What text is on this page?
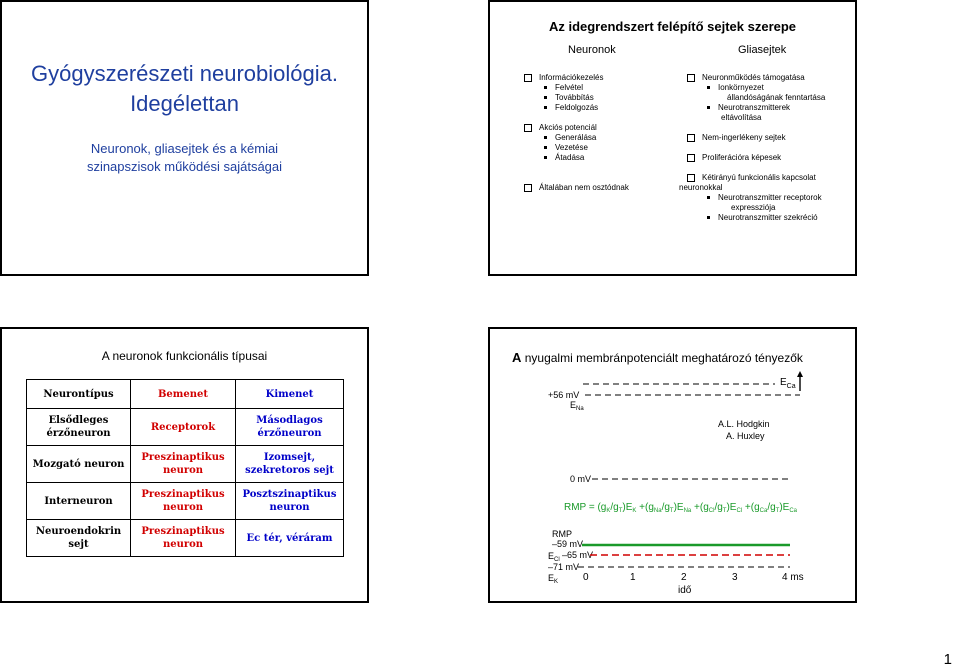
Gyógyszerészeti neurobiológia.
Idegélettan
Neuronok, gliasejtek és a kémiai
szinapszisok működési sajátságai
Az idegrendszert felépítő sejtek szerepe
Neuronok	Gliasejtek
Információkezelés
Felvétel
Továbbítás
Feldolgozás
Akciós potenciál
Generálása
Vezetése
Átadása
Általában nem osztódnak
Neuronműködés támogatása
Ionkörnyezet
állandóságának fenntartása
Neurotranszmitterek
eltávolítása
Nem-ingerlékeny sejtek
Proliferációra képesek
Kétirányú funkcionális kapcsolat
neuronokkal
Neurotranszmitter receptorok
expressziója
Neurotranszmitter szekréció
A neuronok funkcionális típusai
Neurontípus	Bemenet	Kimenet
Elsődleges érzőneuron	Receptorok	Másodlagos érzőneuron
Mozgató neuron	Preszinaptikus neuron	Izomsejt, szekretoros sejt
Interneuron	Preszinaptikus neuron	Posztszinaptikus neuron
Neuroendokrin sejt	Preszinaptikus neuron	Ec tér, véráram
A nyugalmi membránpotenciált meghatározó tényezők
$E_{Ca}$
+56 mV
$E_{Na}$
A.L. Hodgkin
A. Huxley
0 mV
RMP = $(g_K/g_T)E_K +(g_{Na}/g_T)E_{Na} +(g_{Cl}/g_T)E_{Cl} +(g_{Ca}/g_T)E_{Ca}$
RMP
–59 mV
$E_{Cl}$ –65 mV
–71 mV
$E_K$ 0	1	2	3	4 ms
idő
1
